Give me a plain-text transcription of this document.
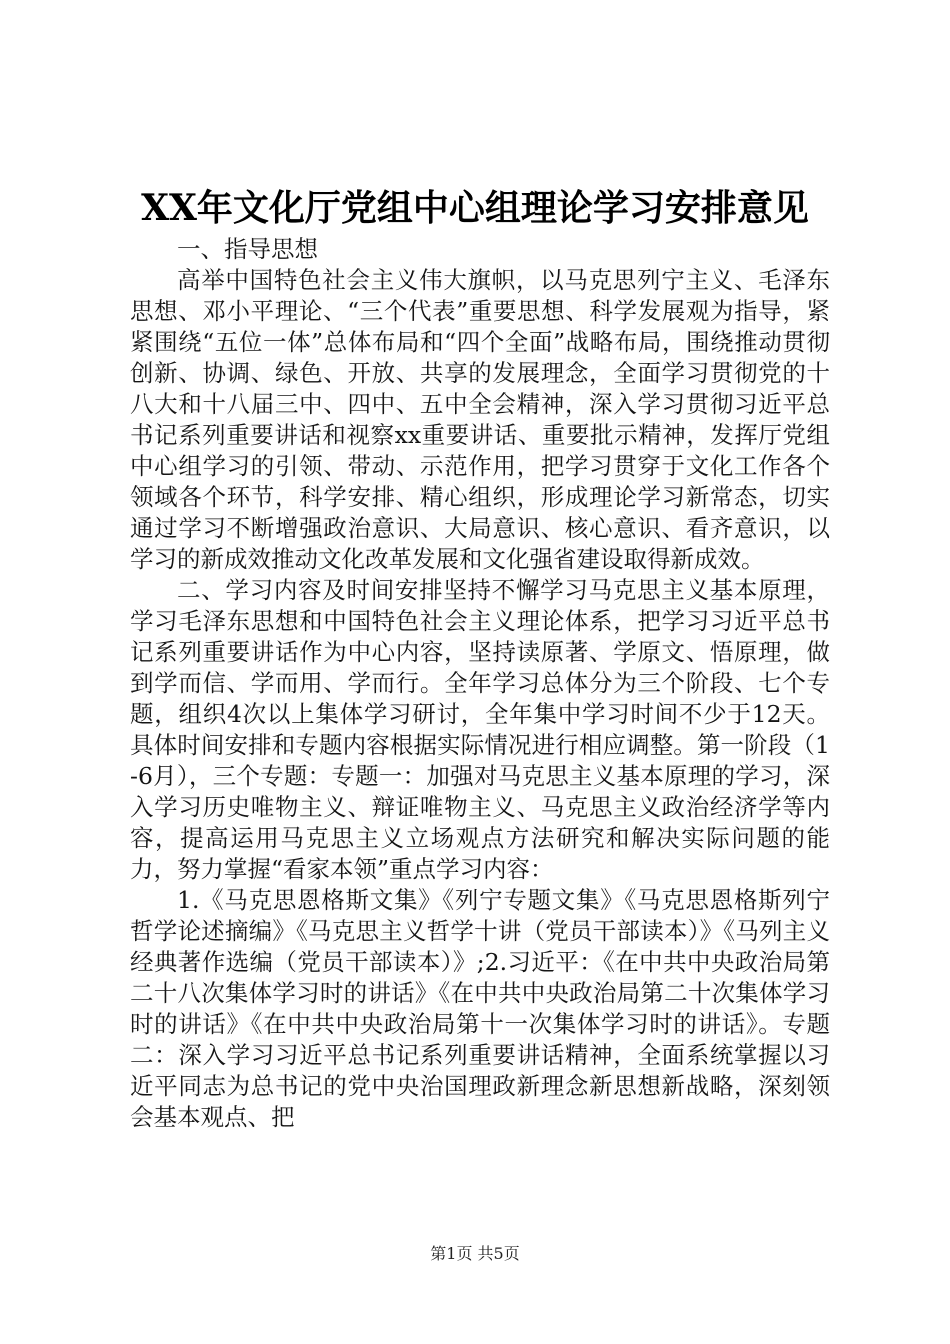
XX年文化厅党组中心组理论学习安排意见

一、指导思想

高举中国特色社会主义伟大旗帜，以马克思列宁主义、毛泽东思想、邓小平理论、“三个代表”重要思想、科学发展观为指导，紧紧围绕“五位一体”总体布局和“四个全面”战略布局，围绕推动贯彻创新、协调、绿色、开放、共享的发展理念，全面学习贯彻党的十八大和十八届三中、四中、五中全会精神，深入学习贯彻习近平总书记系列重要讲话和视察xx重要讲话、重要批示精神，发挥厅党组中心组学习的引领、带动、示范作用，把学习贯穿于文化工作各个领域各个环节，科学安排、精心组织，形成理论学习新常态，切实通过学习不断增强政治意识、大局意识、核心意识、看齐意识，以学习的新成效推动文化改革发展和文化强省建设取得新成效。

二、学习内容及时间安排坚持不懈学习马克思主义基本原理，学习毛泽东思想和中国特色社会主义理论体系，把学习习近平总书记系列重要讲话作为中心内容，坚持读原著、学原文、悟原理，做到学而信、学而用、学而行。全年学习总体分为三个阶段、七个专题，组织4次以上集体学习研讨，全年集中学习时间不少于12天。具体时间安排和专题内容根据实际情况进行相应调整。第一阶段（1-6月），三个专题：专题一：加强对马克思主义基本原理的学习，深入学习历史唯物主义、辩证唯物主义、马克思主义政治经济学等内容，提高运用马克思主义立场观点方法研究和解决实际问题的能力，努力掌握“看家本领”重点学习内容：

1.《马克思恩格斯文集》《列宁专题文集》《马克思恩格斯列宁哲学论述摘编》《马克思主义哲学十讲（党员干部读本）》《马列主义经典著作选编（党员干部读本）》;2.习近平：《在中共中央政治局第二十八次集体学习时的讲话》《在中共中央政治局第二十次集体学习时的讲话》《在中共中央政治局第十一次集体学习时的讲话》。专题二：深入学习习近平总书记系列重要讲话精神，全面系统掌握以习近平同志为总书记的党中央治国理政新理念新思想新战略，深刻领会基本观点、把

第1页 共5页
